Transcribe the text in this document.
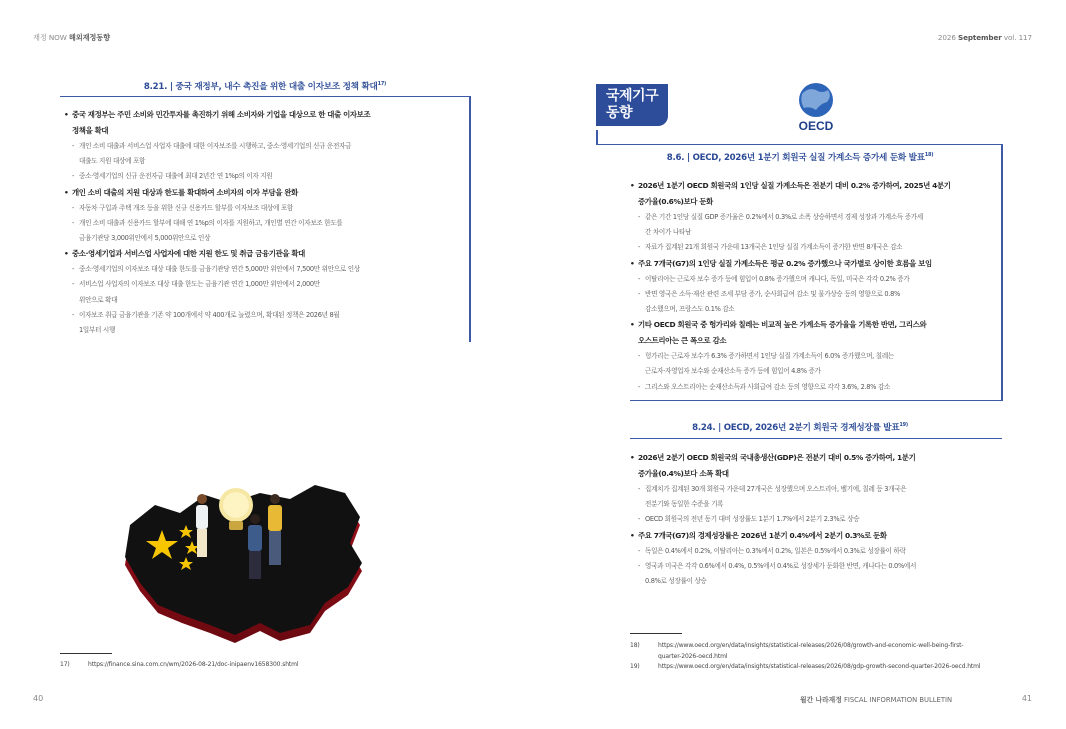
재정 NOW 해외재정동향	2026 September vol. 117
8.21. | 중국 재정부, 내수 촉진을 위한 대출 이자보조 정책 확대$^{17)}$
• 중국 재정부는 주민 소비와 민간투자를 촉진하기 위해 소비자와 기업을 대상으로 한 대출 이자보조
정책을 확대
- 개인 소비 대출과 서비스업 사업자 대출에 대한 이자보조를 시행하고, 중소·영세기업의 신규 운전자금
대출도 지원 대상에 포함
- 중소·영세기업의 신규 운전자금 대출에 최대 2년간 연 1%p의 이자 지원
• 개인 소비 대출의 지원 대상과 한도를 확대하여 소비자의 이자 부담을 완화
- 자동차 구입과 주택 개조 등을 위한 신규 신용카드 할부를 이자보조 대상에 포함
- 개인 소비 대출과 신용카드 할부에 대해 연 1%p의 이자를 지원하고, 개인별 연간 이자보조 한도를
금융기관당 3,000위안에서 5,000위안으로 인상
• 중소·영세기업과 서비스업 사업자에 대한 지원 한도 및 취급 금융기관을 확대
- 중소·영세기업의 이자보조 대상 대출 한도를 금융기관당 연간 5,000만 위안에서 7,500만 위안으로 인상
- 서비스업 사업자의 이자보조 대상 대출 한도는 금융기관 연간 1,000만 위안에서 2,000만
위안으로 확대
- 이자보조 취급 금융기관을 기존 약 100개에서 약 400개로 늘렸으며, 확대된 정책은 2026년 8월
1일부터 시행
17)	https://finance.sina.com.cn/wm/2026-08-21/doc-inipaenv1658300.shtml
40
국제기구
동향
OECD
8.6. | OECD, 2026년 1분기 회원국 실질 가계소득 증가세 둔화 발표$^{18)}$
• 2026년 1분기 OECD 회원국의 1인당 실질 가계소득은 전분기 대비 0.2% 증가하여, 2025년 4분기
증가율(0.6%)보다 둔화
- 같은 기간 1인당 실질 GDP 증가율은 0.2%에서 0.3%로 소폭 상승하면서 경제 성장과 가계소득 증가세
간 차이가 나타남
- 자료가 집계된 21개 회원국 가운데 13개국은 1인당 실질 가계소득이 증가한 반면 8개국은 감소
• 주요 7개국(G7)의 1인당 실질 가계소득은 평균 0.2% 증가했으나 국가별로 상이한 흐름을 보임
- 이탈리아는 근로자 보수 증가 등에 힘입어 0.8% 증가했으며 캐나다, 독일, 미국은 각각 0.2% 증가
- 반면 영국은 소득·재산 관련 조세 부담 증가, 순사회급여 감소 및 물가상승 등의 영향으로 0.8%
감소했으며, 프랑스도 0.1% 감소
• 기타 OECD 회원국 중 헝가리와 칠레는 비교적 높은 가계소득 증가율을 기록한 반면, 그리스와
오스트리아는 큰 폭으로 감소
- 헝가리는 근로자 보수가 6.3% 증가하면서 1인당 실질 가계소득이 6.0% 증가했으며, 칠레는
근로자·자영업자 보수와 순재산소득 증가 등에 힘입어 4.8% 증가
- 그리스와 오스트리아는 순재산소득과 사회급여 감소 등의 영향으로 각각 3.6%, 2.8% 감소
8.24. | OECD, 2026년 2분기 회원국 경제성장률 발표$^{19)}$
• 2026년 2분기 OECD 회원국의 국내총생산(GDP)은 전분기 대비 0.5% 증가하여, 1분기
증가율(0.4%)보다 소폭 확대
- 집계치가 집계된 30개 회원국 가운데 27개국은 성장했으며 오스트리아, 벨기에, 칠레 등 3개국은
전분기와 동일한 수준을 기록
- OECD 회원국의 전년 동기 대비 성장률도 1분기 1.7%에서 2분기 2.3%로 상승
• 주요 7개국(G7)의 경제성장률은 2026년 1분기 0.4%에서 2분기 0.3%로 둔화
- 독일은 0.4%에서 0.2%, 이탈리아는 0.3%에서 0.2%, 일본은 0.5%에서 0.3%로 성장률이 하락
- 영국과 미국은 각각 0.6%에서 0.4%, 0.5%에서 0.4%로 성장세가 둔화한 반면, 캐나다는 0.0%에서
0.8%로 성장률이 상승
18)	https://www.oecd.org/en/data/insights/statistical-releases/2026/08/growth-and-economic-well-being-first-
quarter-2026-oecd.html
19)	https://www.oecd.org/en/data/insights/statistical-releases/2026/08/gdp-growth-second-quarter-2026-oecd.html
월간 나라재정 FISCAL INFORMATION BULLETIN	41
